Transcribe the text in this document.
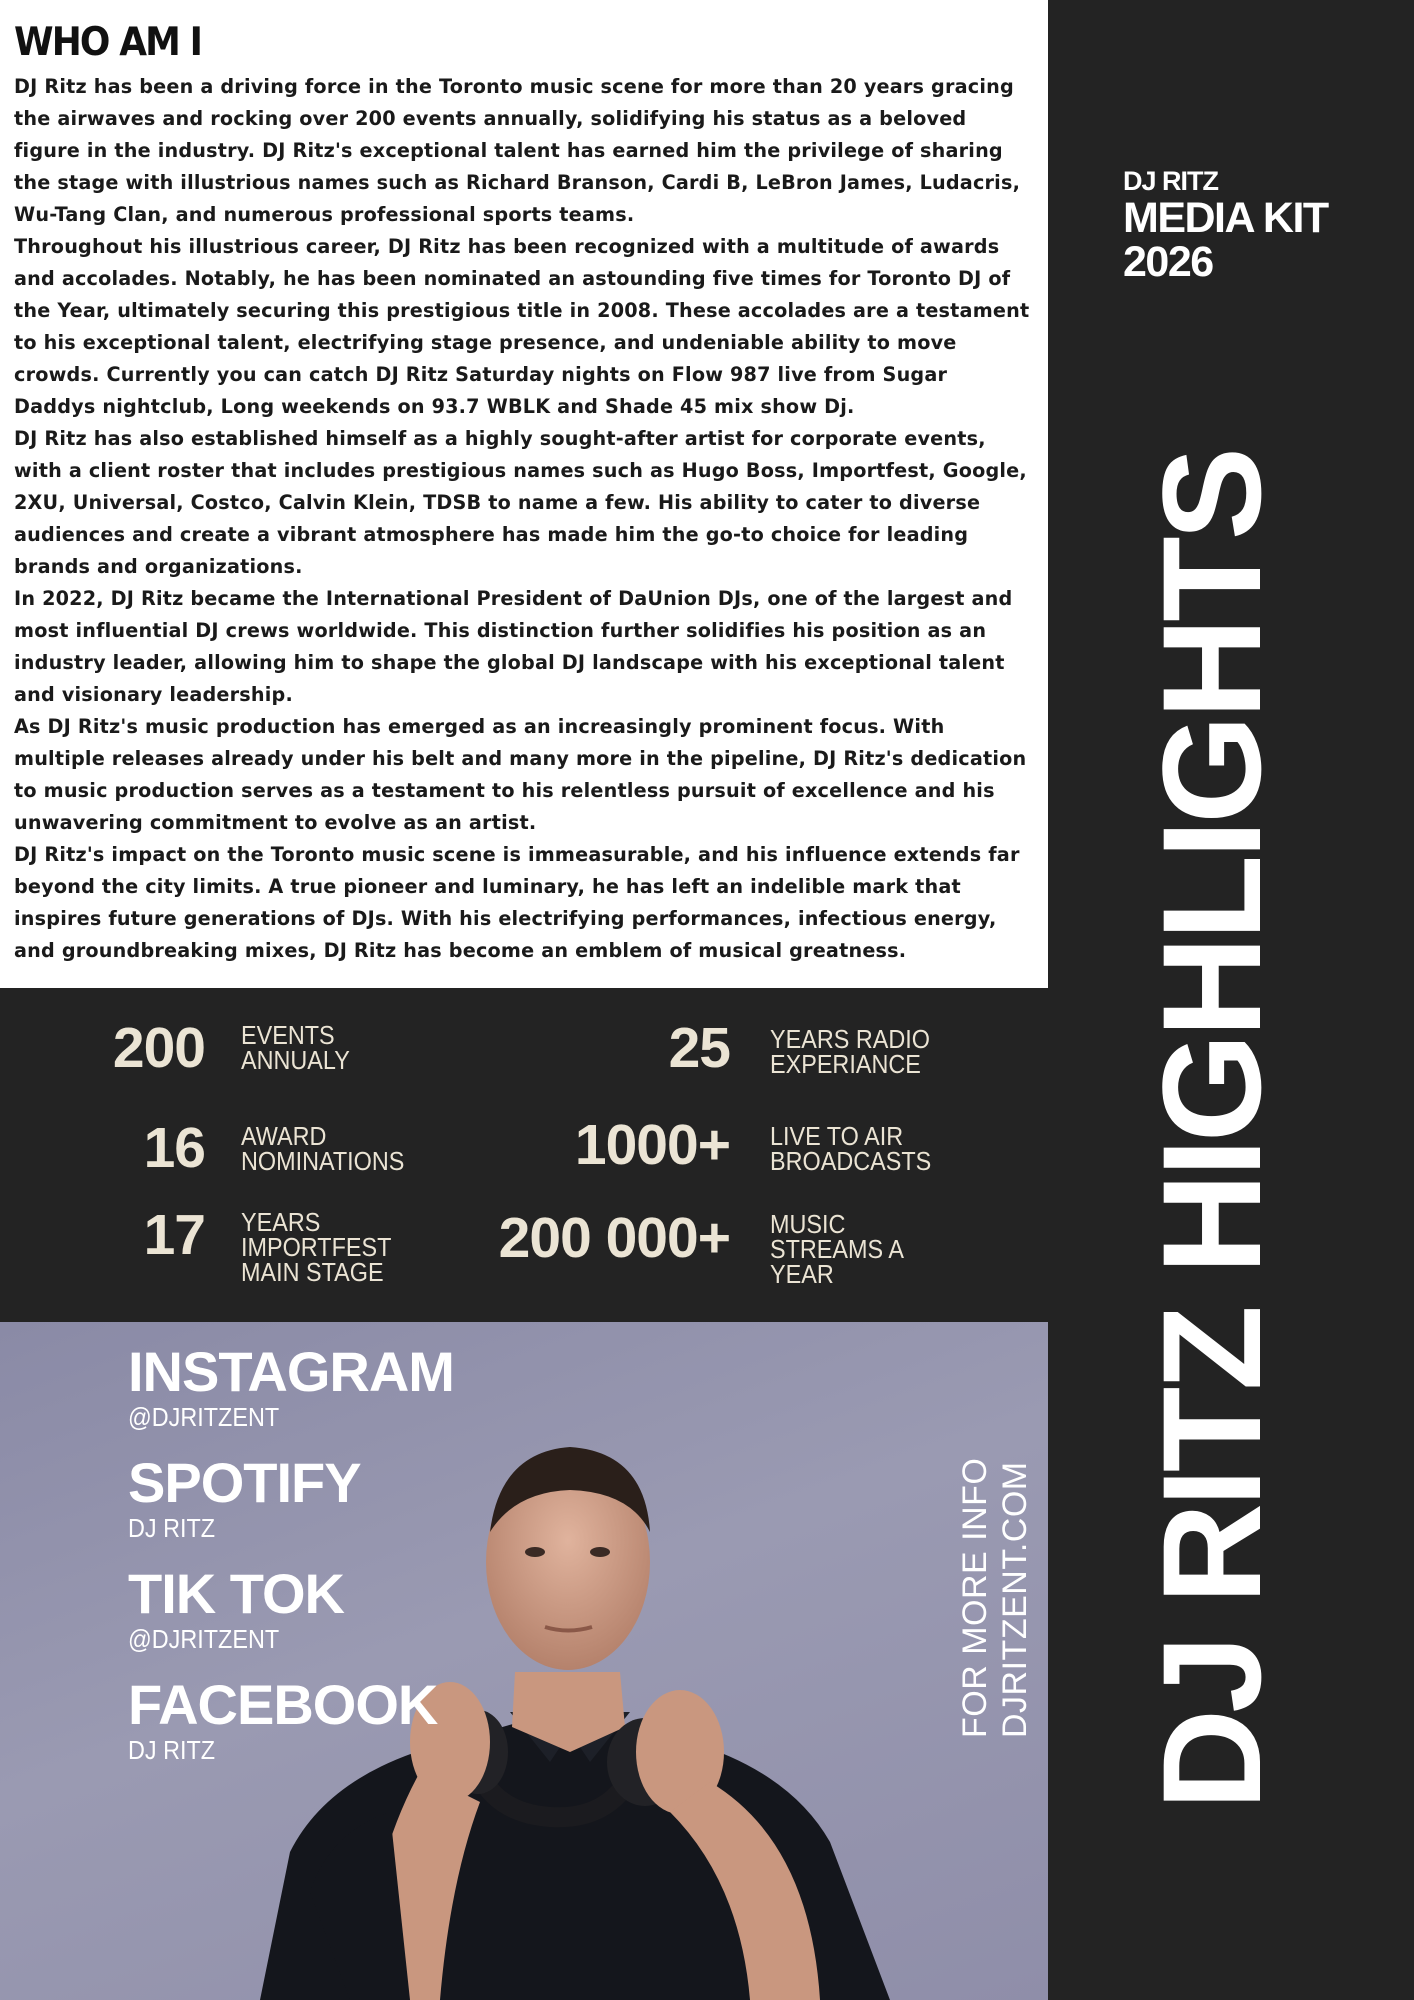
WHO AM I

DJ Ritz has been a driving force in the Toronto music scene for more than 20 years gracing the airwaves and rocking over 200 events annually, solidifying his status as a beloved figure in the industry. DJ Ritz's exceptional talent has earned him the privilege of sharing the stage with illustrious names such as Richard Branson, Cardi B, LeBron James, Ludacris, Wu-Tang Clan, and numerous professional sports teams.

Throughout his illustrious career, DJ Ritz has been recognized with a multitude of awards and accolades. Notably, he has been nominated an astounding five times for Toronto DJ of the Year, ultimately securing this prestigious title in 2008. These accolades are a testament to his exceptional talent, electrifying stage presence, and undeniable ability to move crowds. Currently you can catch DJ Ritz Saturday nights on Flow 987 live from Sugar Daddys nightclub, Long weekends on 93.7 WBLK and Shade 45 mix show Dj.

DJ Ritz has also established himself as a highly sought-after artist for corporate events, with a client roster that includes prestigious names such as Hugo Boss, Importfest, Google, 2XU, Universal, Costco, Calvin Klein, TDSB to name a few. His ability to cater to diverse audiences and create a vibrant atmosphere has made him the go-to choice for leading brands and organizations.

In 2022, DJ Ritz became the International President of DaUnion DJs, one of the largest and most influential DJ crews worldwide. This distinction further solidifies his position as an industry leader, allowing him to shape the global DJ landscape with his exceptional talent and visionary leadership.

As DJ Ritz's music production has emerged as an increasingly prominent focus. With multiple releases already under his belt and many more in the pipeline, DJ Ritz's dedication to music production serves as a testament to his relentless pursuit of excellence and his unwavering commitment to evolve as an artist.

DJ Ritz's impact on the Toronto music scene is immeasurable, and his influence extends far beyond the city limits. A true pioneer and luminary, he has left an indelible mark that inspires future generations of DJs. With his electrifying performances, infectious energy, and groundbreaking mixes, DJ Ritz has become an emblem of musical greatness.

DJ RITZ
MEDIA KIT
2026
DJ RITZ HIGHLIGHTS
200 EVENTS
ANNUALY	25 YEARS RADIO
EXPERIANCE
16 AWARD
NOMINATIONS	1000+ LIVE TO AIR
BROADCASTS
17 YEARS
IMPORTFEST
MAIN STAGE
200 000+ MUSIC
STREAMS A
YEAR
INSTAGRAM
@DJRITZENT
SPOTIFY
DJ RITZ
TIK TOK
@DJRITZENT
FACEBOOK
DJ RITZ
FOR MORE INFO DJRITZENT.COM
